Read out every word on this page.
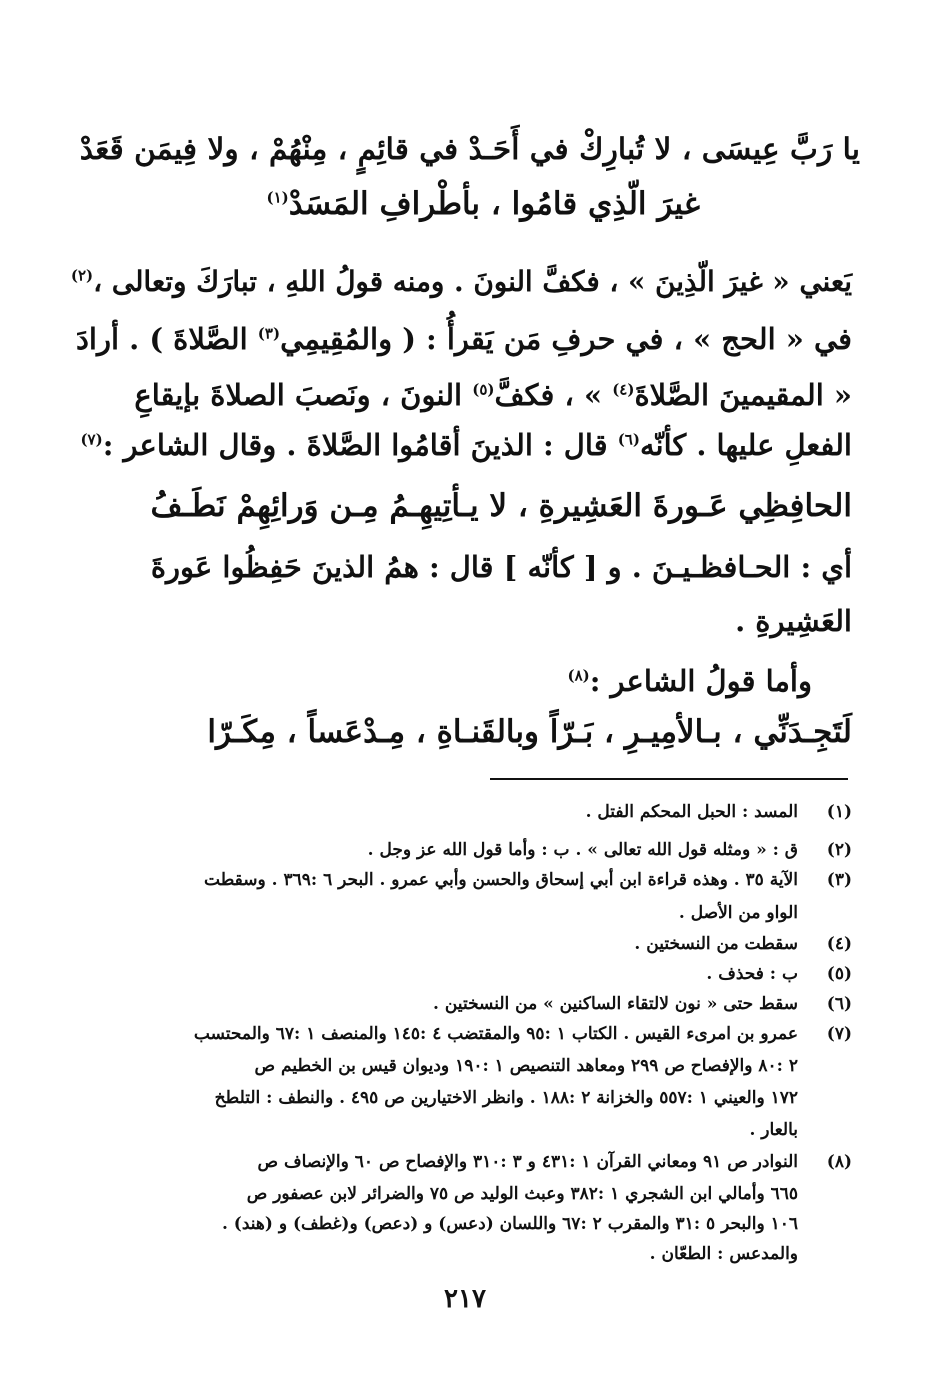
يا رَبَّ عِيسَى ، لا تُبارِكْ في أَحَـدْ في قائِمٍ ، مِنْهُمْ ، ولا فِيمَن قَعَدْ
غيرَ الّذِي قامُوا ، بأطْرافِ المَسَدْ$^{(١)}$
يَعني « غيرَ الّذِينَ » ، فكفَّ النونَ . ومنه قولُ اللهِ ، تبارَكَ وتعالى ،$^{(٢)}$
في « الحج » ، في حرفِ مَن يَقرأُ : ( والمُقِيمِي$^{(٣)}$ الصَّلاةَ ) . أرادَ
« المقيمينَ الصَّلاةَ$^{(٤)}$ » ، فكفَّ$^{(٥)}$ النونَ ، ونَصبَ الصلاةَ بإيقاعِ
الفعلِ عليها . كأنّه$^{(٦)}$ قال : الذينَ أقامُوا الصَّلاةَ . وقال الشاعر :$^{(٧)}$
الحافِظِي عَـورةَ العَشِيرةِ ، لا يـأتِيهِـمُ مِـن وَرائِهِمْ نَطَـفُ
أي : الحـافظـيـنَ . و [ كأنّه ] قال : همُ الذينَ حَفِظُوا عَورةَ
العَشِيرةِ .
وأما قولُ الشاعر :$^{(٨)}$
لَتَجِـدَنِّي ، بـالأمِيـرِ ، بَـرّاً وبالقَنـاةِ ، مِـدْعَساً ، مِكَـرّا
(١)
المسد : الحبل المحكم الفتل .
(٢)
ق : « ومثله قول الله تعالى » . ب : وأما قول الله عز وجل .
(٣)
الآية ٣٥ . وهذه قراءة ابن أبي إسحاق والحسن وأبي عمرو . البحر ٦ :٣٦٩ . وسقطت
الواو من الأصل .
(٤)
سقطت من النسختين .
(٥)
ب : فحذف .
(٦)
سقط حتى « نون لالتقاء الساكنين » من النسختين .
(٧)
عمرو بن امرىء القيس . الكتاب ١ :٩٥ والمقتضب ٤ :١٤٥ والمنصف ١ :٦٧ والمحتسب
٢ :٨٠ والإفصاح ص ٢٩٩ ومعاهد التنصيص ١ :١٩٠ وديوان قيس بن الخطيم ص
١٧٢ والعيني ١ :٥٥٧ والخزانة ٢ :١٨٨ . وانظر الاختيارين ص ٤٩٥ . والنطف : التلطخ
بالعار .
(٨)
النوادر ص ٩١ ومعاني القرآن ١ :٤٣١ و ٣ :٣١٠ والإفصاح ص ٦٠ والإنصاف ص
٦٦٥ وأمالي ابن الشجري ١ :٣٨٢ وعبث الوليد ص ٧٥ والضرائر لابن عصفور ص
١٠٦ والبحر ٥ :٣١ والمقرب ٢ :٦٧ واللسان (دعس) و (دعص) و(غطف) و (هند) .
والمدعس : الطعّان .
٢١٧
